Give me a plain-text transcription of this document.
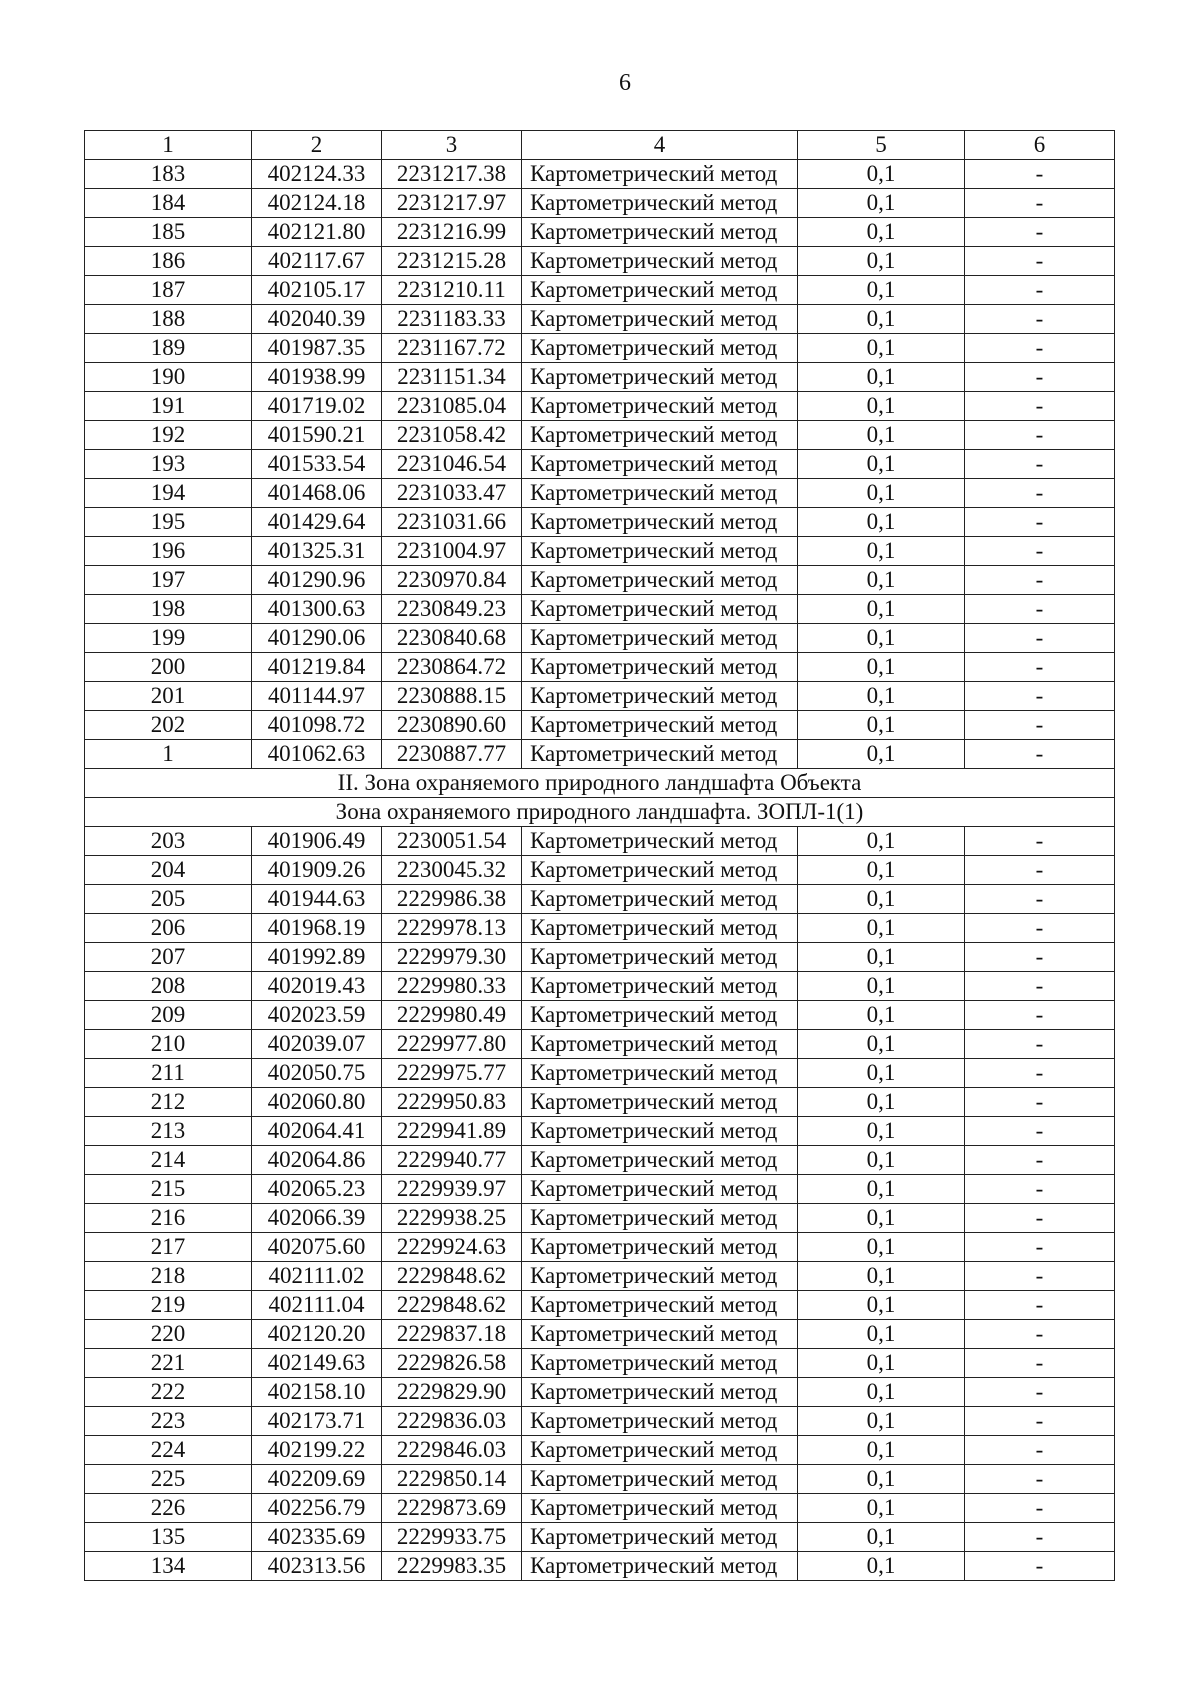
6
1	2	3	4	5	6
183	402124.33	2231217.38	Картометрический метод	0,1	-
184	402124.18	2231217.97	Картометрический метод	0,1	-
185	402121.80	2231216.99	Картометрический метод	0,1	-
186	402117.67	2231215.28	Картометрический метод	0,1	-
187	402105.17	2231210.11	Картометрический метод	0,1	-
188	402040.39	2231183.33	Картометрический метод	0,1	-
189	401987.35	2231167.72	Картометрический метод	0,1	-
190	401938.99	2231151.34	Картометрический метод	0,1	-
191	401719.02	2231085.04	Картометрический метод	0,1	-
192	401590.21	2231058.42	Картометрический метод	0,1	-
193	401533.54	2231046.54	Картометрический метод	0,1	-
194	401468.06	2231033.47	Картометрический метод	0,1	-
195	401429.64	2231031.66	Картометрический метод	0,1	-
196	401325.31	2231004.97	Картометрический метод	0,1	-
197	401290.96	2230970.84	Картометрический метод	0,1	-
198	401300.63	2230849.23	Картометрический метод	0,1	-
199	401290.06	2230840.68	Картометрический метод	0,1	-
200	401219.84	2230864.72	Картометрический метод	0,1	-
201	401144.97	2230888.15	Картометрический метод	0,1	-
202	401098.72	2230890.60	Картометрический метод	0,1	-
1	401062.63	2230887.77	Картометрический метод	0,1	-
II. Зона охраняемого природного ландшафта Объекта					
Зона охраняемого природного ландшафта. ЗОПЛ-1(1)					
203	401906.49	2230051.54	Картометрический метод	0,1	-
204	401909.26	2230045.32	Картометрический метод	0,1	-
205	401944.63	2229986.38	Картометрический метод	0,1	-
206	401968.19	2229978.13	Картометрический метод	0,1	-
207	401992.89	2229979.30	Картометрический метод	0,1	-
208	402019.43	2229980.33	Картометрический метод	0,1	-
209	402023.59	2229980.49	Картометрический метод	0,1	-
210	402039.07	2229977.80	Картометрический метод	0,1	-
211	402050.75	2229975.77	Картометрический метод	0,1	-
212	402060.80	2229950.83	Картометрический метод	0,1	-
213	402064.41	2229941.89	Картометрический метод	0,1	-
214	402064.86	2229940.77	Картометрический метод	0,1	-
215	402065.23	2229939.97	Картометрический метод	0,1	-
216	402066.39	2229938.25	Картометрический метод	0,1	-
217	402075.60	2229924.63	Картометрический метод	0,1	-
218	402111.02	2229848.62	Картометрический метод	0,1	-
219	402111.04	2229848.62	Картометрический метод	0,1	-
220	402120.20	2229837.18	Картометрический метод	0,1	-
221	402149.63	2229826.58	Картометрический метод	0,1	-
222	402158.10	2229829.90	Картометрический метод	0,1	-
223	402173.71	2229836.03	Картометрический метод	0,1	-
224	402199.22	2229846.03	Картометрический метод	0,1	-
225	402209.69	2229850.14	Картометрический метод	0,1	-
226	402256.79	2229873.69	Картометрический метод	0,1	-
135	402335.69	2229933.75	Картометрический метод	0,1	-
134	402313.56	2229983.35	Картометрический метод	0,1	-
